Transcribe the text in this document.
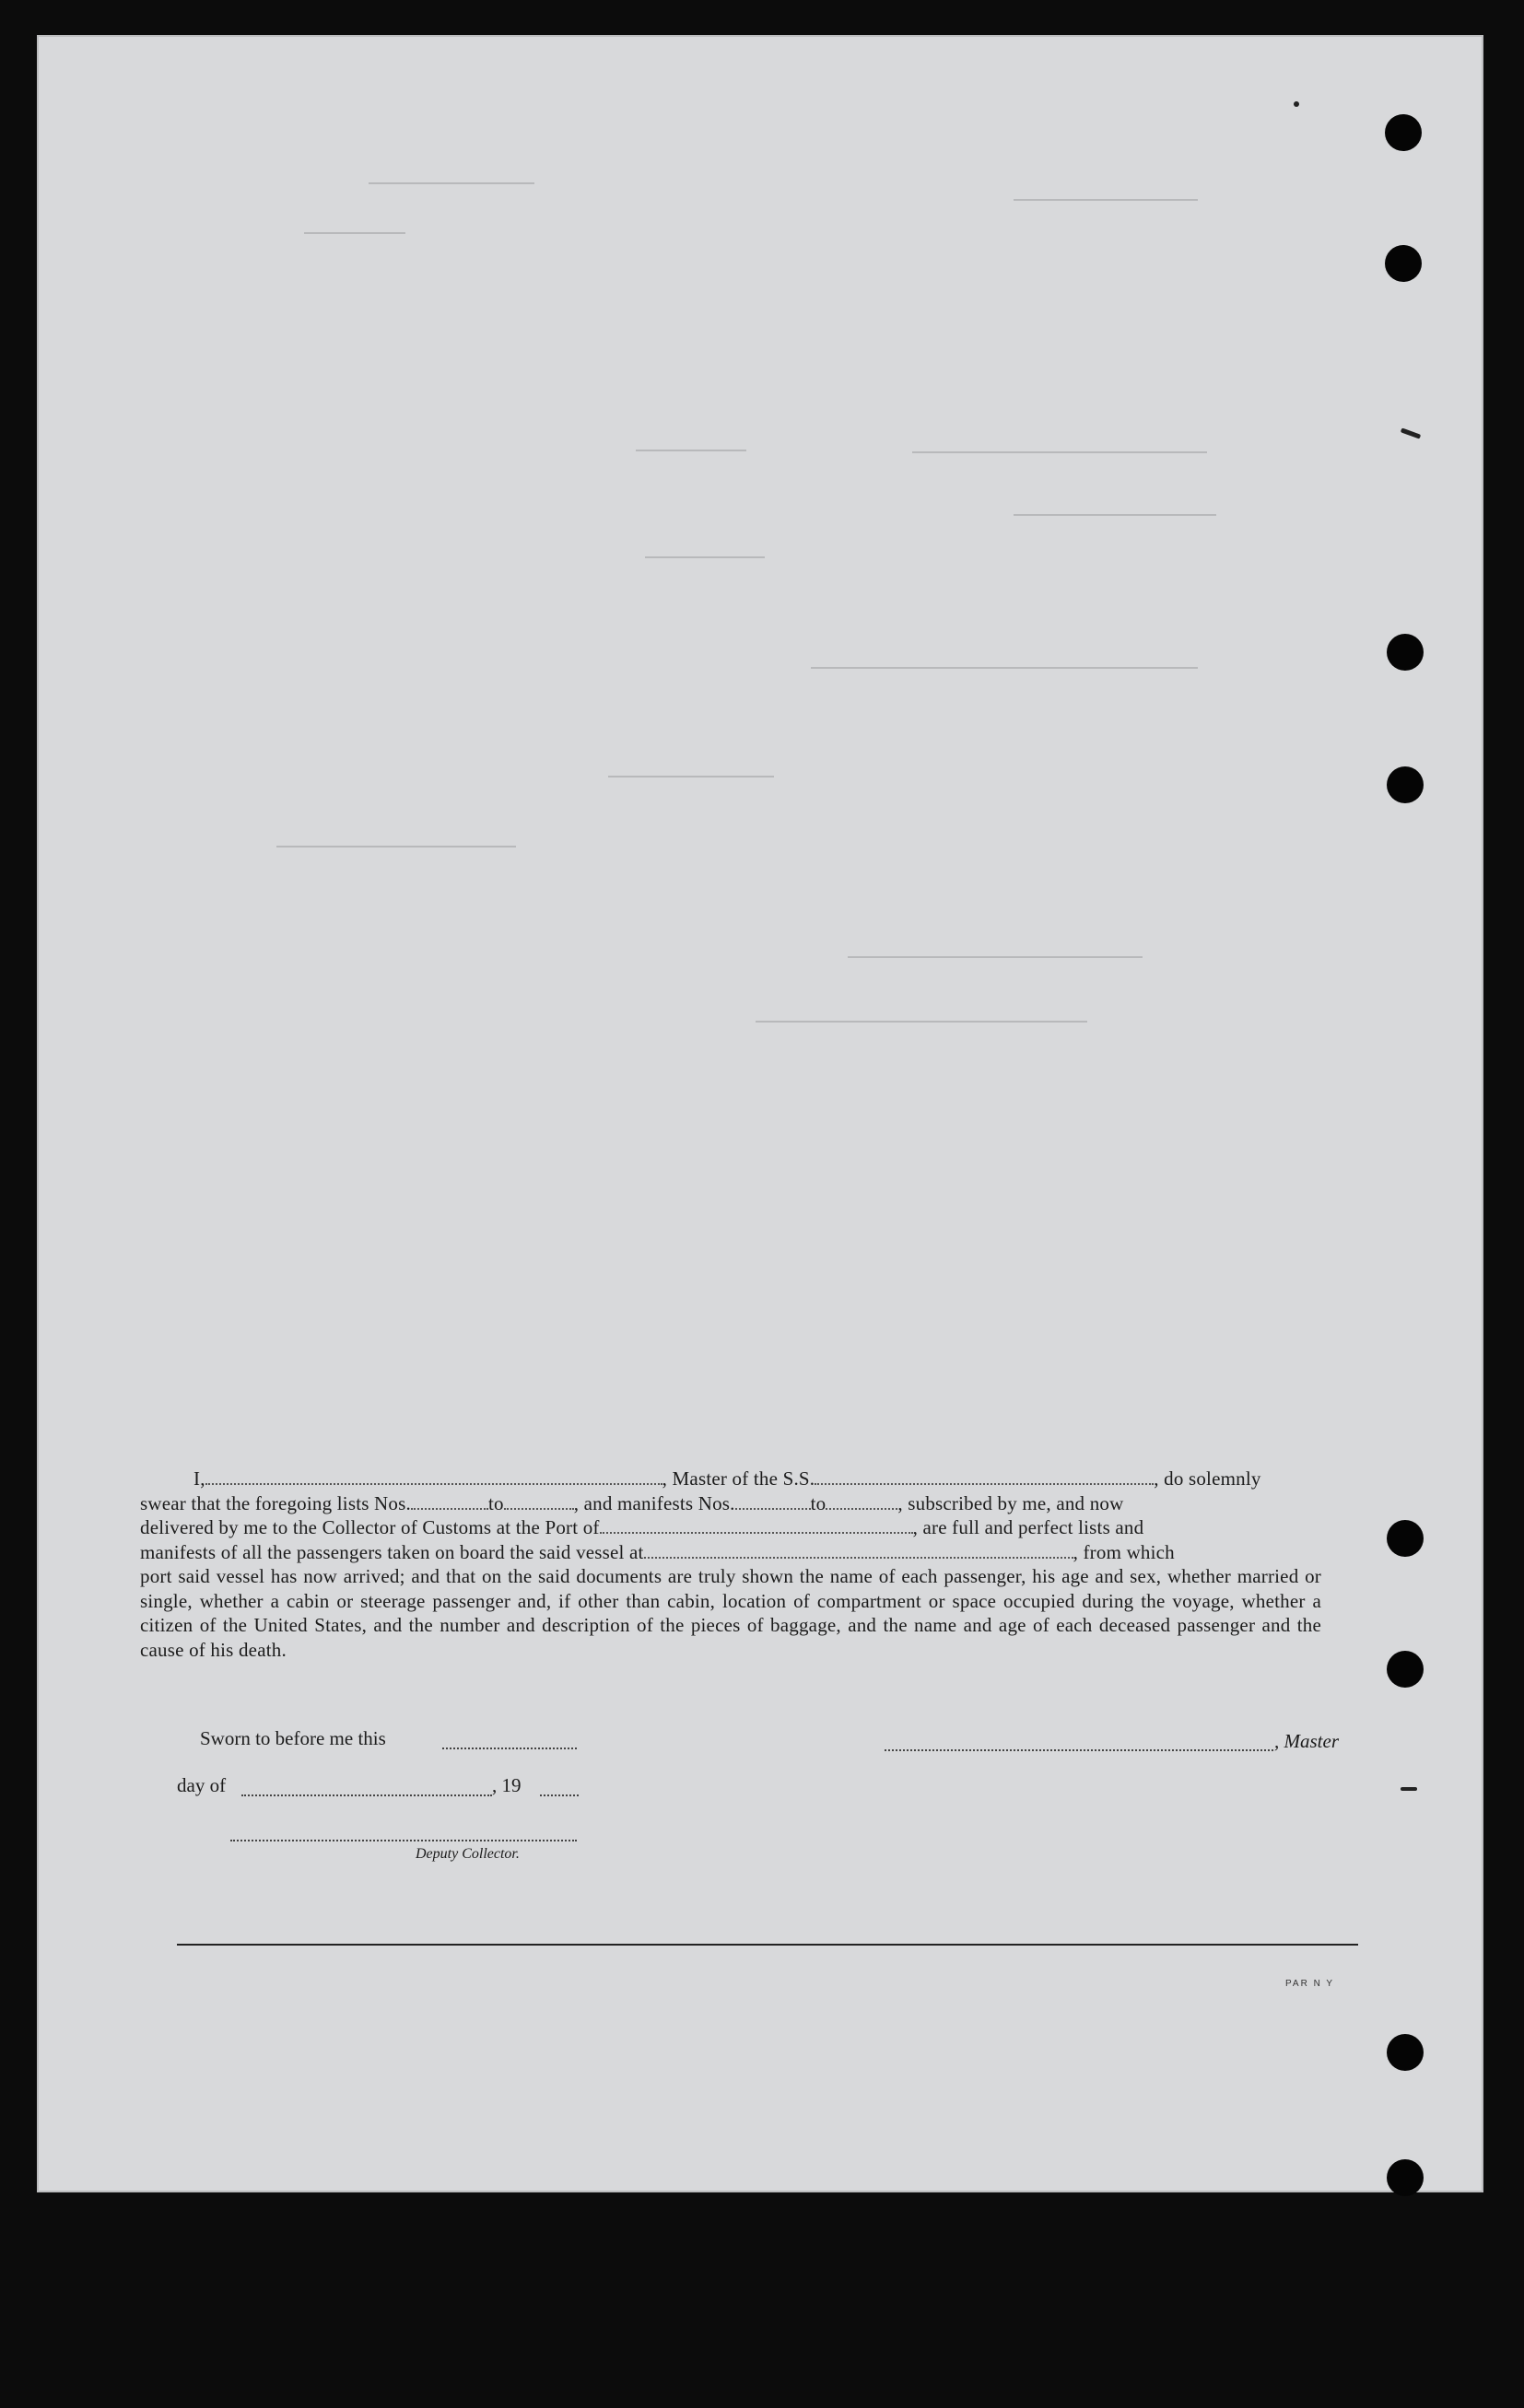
I,	, Master of the S.S.	, do solemnly

swear that the foregoing lists Nos.	to	, and manifests Nos.	to	, subscribed by me, and now
delivered by me to the Collector of Customs at the Port of	, are full and perfect lists and
manifests of all the passengers taken on board the said vessel at	, from which
port said vessel has now arrived; and that on the said documents are truly shown the name of each passenger, his age and sex, whether married or single, whether a cabin or steerage passenger and, if other than cabin, location of compartment or space occupied during the voyage, whether a citizen of the United States, and the number and description of the pieces of baggage, and the name and age of each deceased passenger and the cause of his death.
Sworn to before me this	, Master
day of	, 19
Deputy Collector.
PAR N Y
